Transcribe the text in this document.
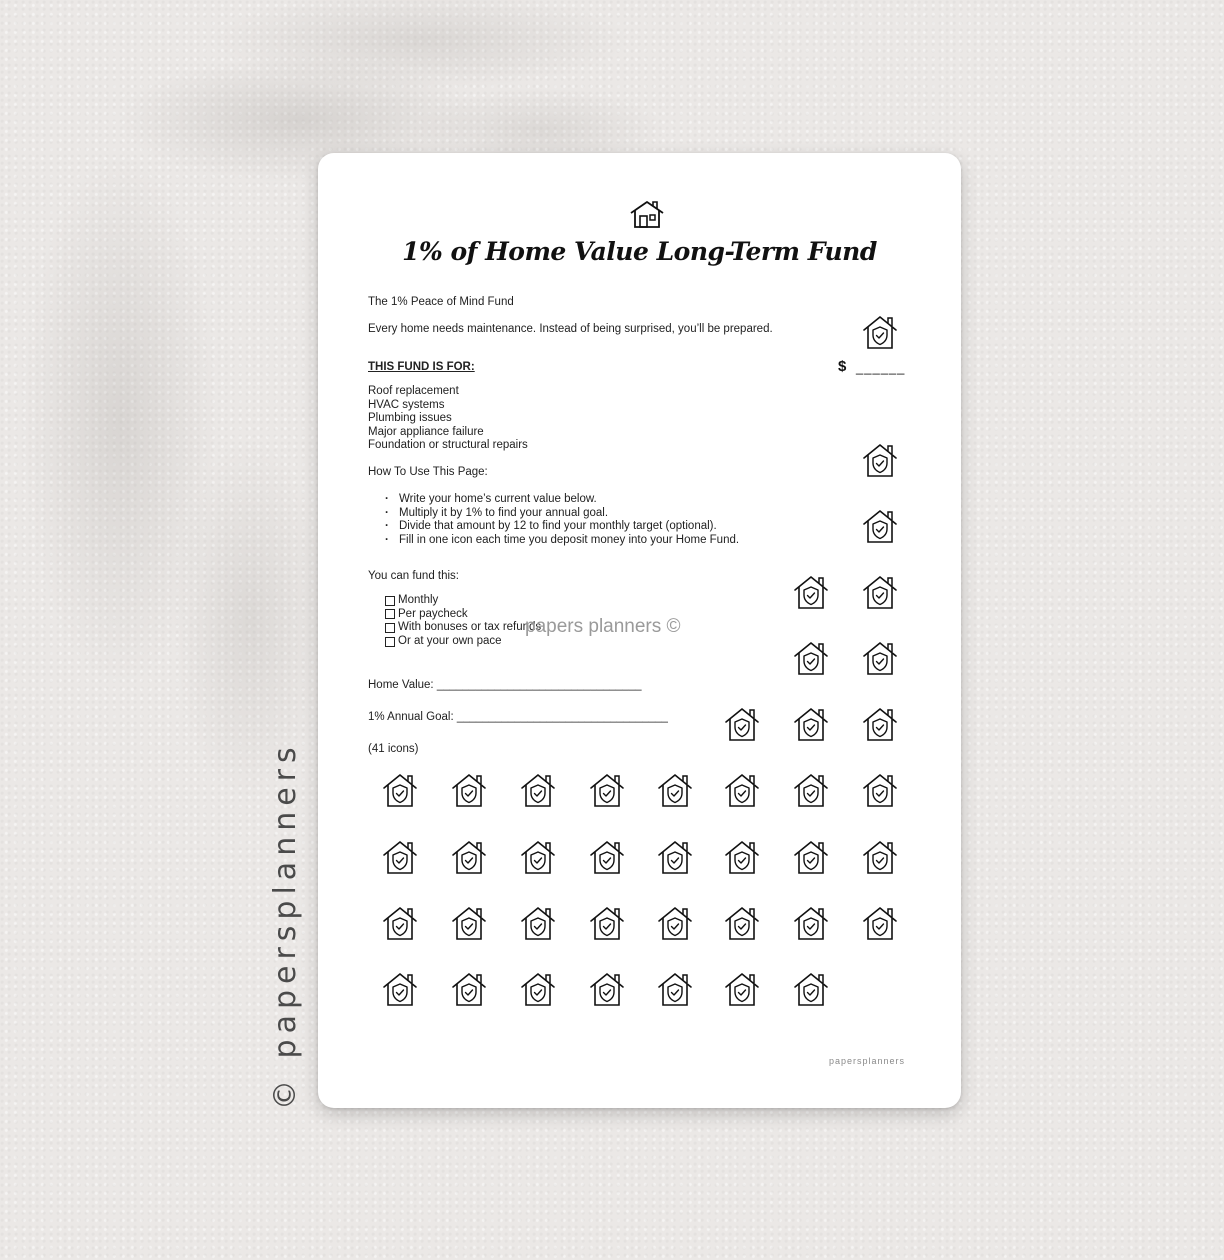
© papersplanners
1% of Home Value Long-Term Fund
The 1% Peace of Mind Fund
Every home needs maintenance. Instead of being surprised, you’ll be prepared.
THIS FUND IS FOR:
Roof replacement
HVAC systems
Plumbing issues
Major appliance failure
Foundation or structural repairs
How To Use This Page:
· Write your home’s current value below.
· Multiply it by 1% to find your annual goal.
· Divide that amount by 12 to find your monthly target (optional).
· Fill in one icon each time you deposit money into your Home Fund.
You can fund this:
Monthly
Per paycheck
With bonuses or tax refunds
Or at your own pace
papers planners ©
Home Value: ________________________________
1% Annual Goal: _________________________________
(41 icons)
$ ______
papersplanners
